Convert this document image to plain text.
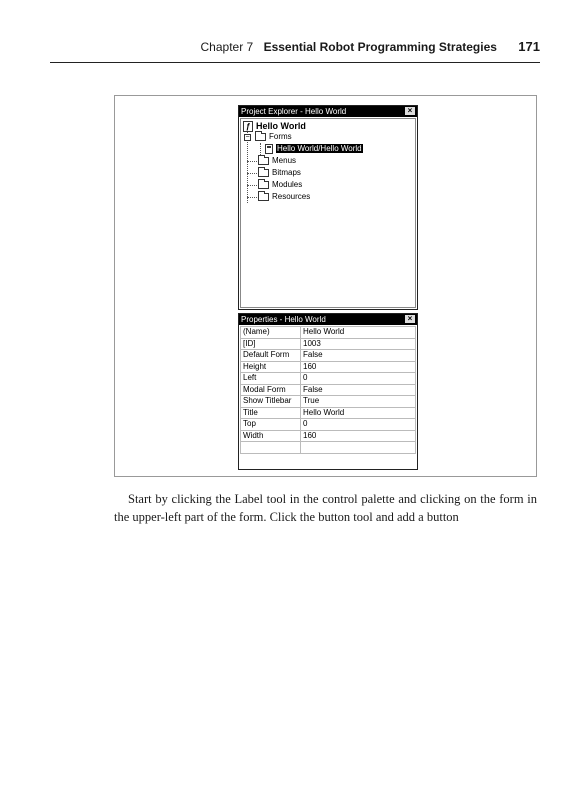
Chapter 7 Essential Robot Programming Strategies 171
Project Explorer - Hello World	×
ƒ Hello World
−	Forms
Hello World/Hello World
Menus
Bitmaps
Modules
Resources
Properties - Hello World	×
(Name)	Hello World
[ID]	1003
Default Form	False
Height	160
Left	0
Modal Form	False
Show Titlebar	True
Title	Hello World
Top	0
Width	160

Start by clicking the Label tool in the control palette and clicking on the form in the upper-left part of the form. Click the button tool and add a button
